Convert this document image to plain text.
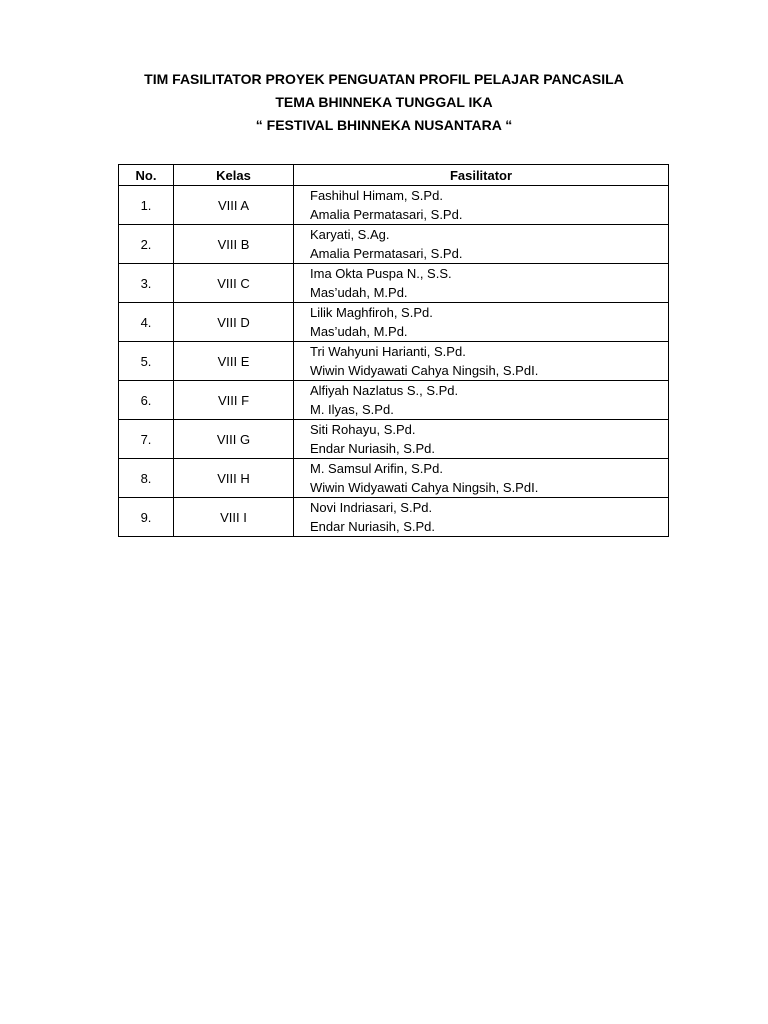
TIM FASILITATOR PROYEK PENGUATAN PROFIL PELAJAR PANCASILA
TEMA BHINNEKA TUNGGAL IKA
“ FESTIVAL BHINNEKA NUSANTARA “
No.	Kelas	Fasilitator
1.	VIII A	Fashihul Himam, S.Pd.
Amalia Permatasari, S.Pd.

2.	VIII B	Karyati, S.Ag.
Amalia Permatasari, S.Pd.

3.	VIII C	Ima Okta Puspa N., S.S.
Mas’udah, M.Pd.

4.	VIII D	Lilik Maghfiroh, S.Pd.
Mas’udah, M.Pd.

5.	VIII E	Tri Wahyuni Harianti, S.Pd.
Wiwin Widyawati Cahya Ningsih, S.PdI.

6.	VIII F	Alfiyah Nazlatus S., S.Pd.
M. Ilyas, S.Pd.

7.	VIII G	Siti Rohayu, S.Pd.
Endar Nuriasih, S.Pd.

8.	VIII H	M. Samsul Arifin, S.Pd.
Wiwin Widyawati Cahya Ningsih, S.PdI.

9.	VIII I	Novi Indriasari, S.Pd.
Endar Nuriasih, S.Pd.
